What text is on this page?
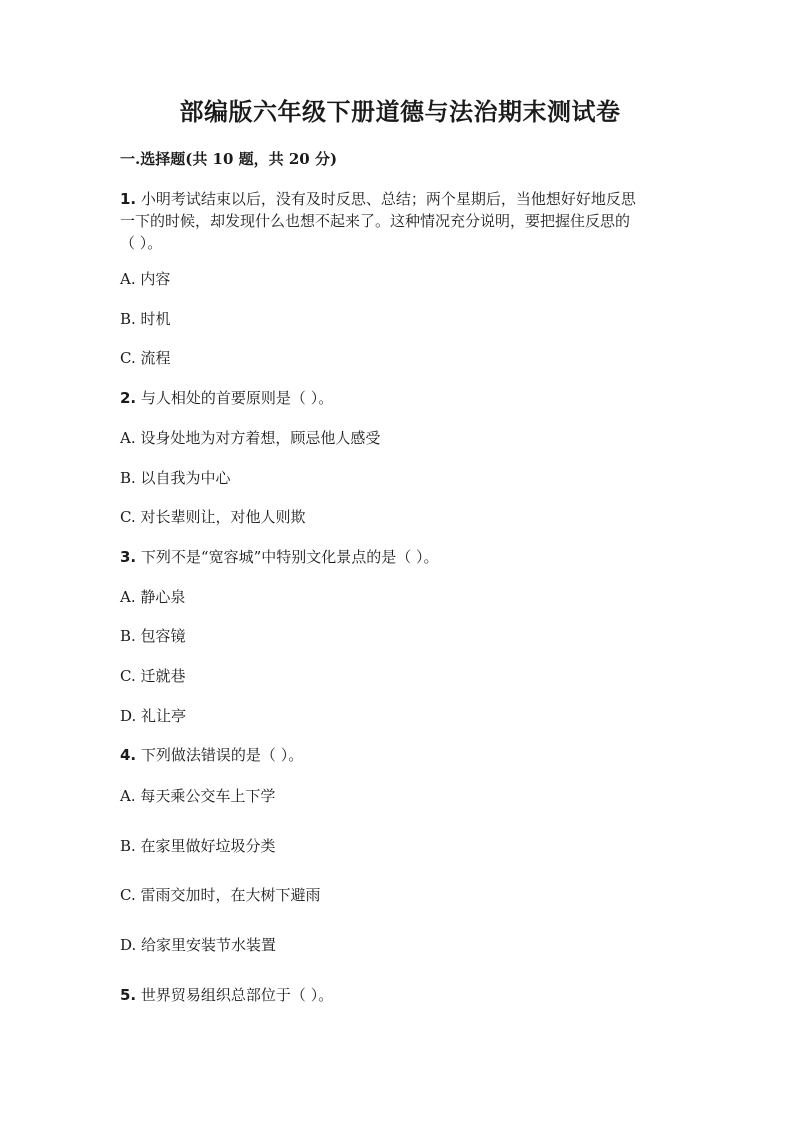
部编版六年级下册道德与法治期末测试卷
一.选择题(共 10 题，共 20 分)
1. 小明考试结束以后，没有及时反思、总结；两个星期后，当他想好好地反思
一下的时候，却发现什么也想不起来了。这种情况充分说明，要把握住反思的
（ ）。
A. 内容
B. 时机
C. 流程
2. 与人相处的首要原则是（ ）。
A. 设身处地为对方着想，顾忌他人感受
B. 以自我为中心
C. 对长辈则让，对他人则欺
3. 下列不是“宽容城”中特别文化景点的是（ ）。
A. 静心泉
B. 包容镜
C. 迁就巷
D. 礼让亭
4. 下列做法错误的是（ ）。
A. 每天乘公交车上下学
B. 在家里做好垃圾分类
C. 雷雨交加时，在大树下避雨
D. 给家里安装节水装置
5. 世界贸易组织总部位于（ ）。
